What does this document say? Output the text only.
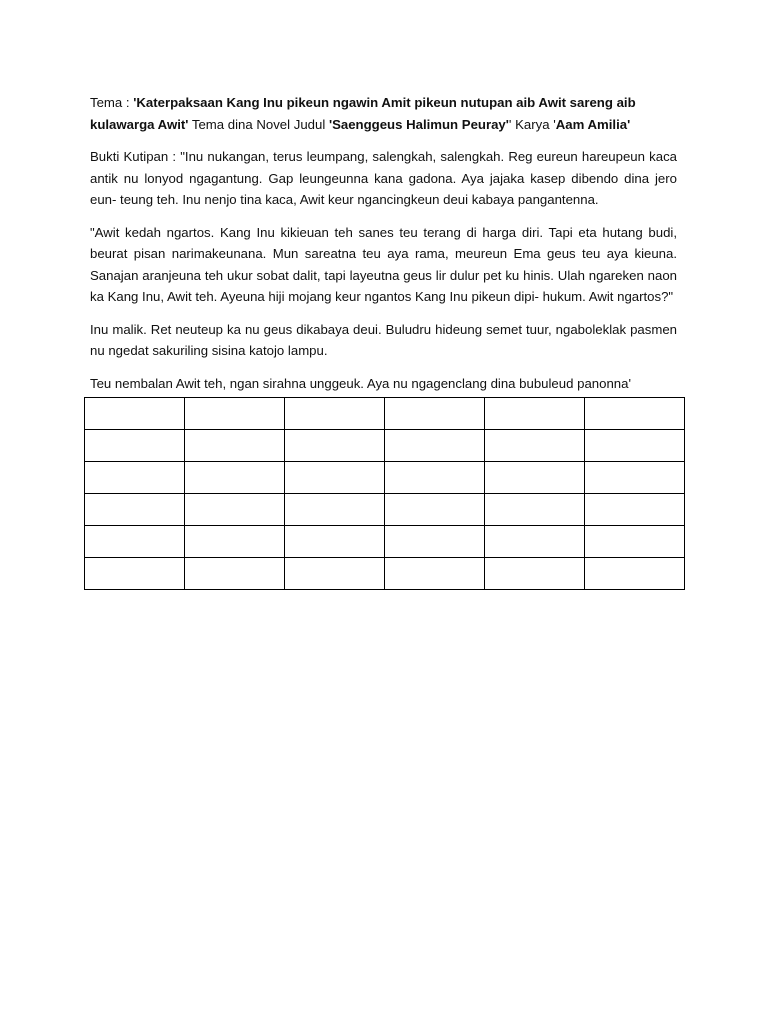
Tema : 'Katerpaksaan Kang Inu pikeun ngawin Amit pikeun nutupan aib Awit sareng aib kulawarga Awit' Tema dina Novel Judul 'Saenggeus Halimun Peuray'' Karya 'Aam Amilia'

Bukti Kutipan : "Inu nukangan, terus leumpang, salengkah, salengkah. Reg eureun hareupeun kaca antik nu lonyod ngagantung. Gap leungeunna kana gadona. Aya jajaka kasep dibendo dina jero eun- teung teh. Inu nenjo tina kaca, Awit keur ngancingkeun deui kabaya pangantenna.

"Awit kedah ngartos. Kang Inu kikieuan teh sanes teu terang di harga diri. Tapi eta hutang budi, beurat pisan narimakeunana. Mun sareatna teu aya rama, meureun Ema geus teu aya kieuna. Sanajan aranjeuna teh ukur sobat dalit, tapi layeutna geus lir dulur pet ku hinis. Ulah ngareken naon ka Kang Inu, Awit teh. Ayeuna hiji mojang keur ngantos Kang Inu pikeun dipi- hukum. Awit ngartos?"

Inu malik. Ret neuteup ka nu geus dikabaya deui. Buludru hideung semet tuur, ngaboleklak pasmen nu ngedat sakuriling sisina katojo lampu.

Teu nembalan Awit teh, ngan sirahna unggeuk. Aya nu ngagenclang dina bubuleud panonna'
